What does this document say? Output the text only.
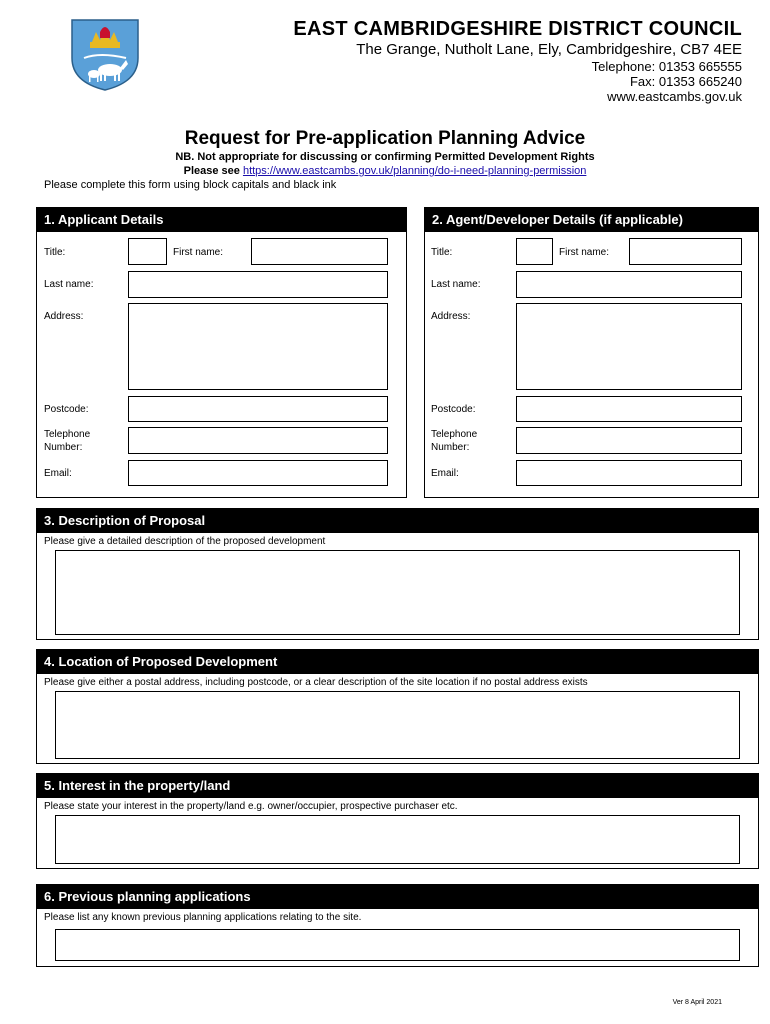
EAST CAMBRIDGESHIRE DISTRICT COUNCIL
The Grange, Nutholt Lane, Ely, Cambridgeshire, CB7 4EE
Telephone: 01353 665555
Fax: 01353 665240
www.eastcambs.gov.uk
Request for Pre-application Planning Advice
NB. Not appropriate for discussing or confirming Permitted Development Rights
Please see https://www.eastcambs.gov.uk/planning/do-i-need-planning-permission
Please complete this form using block capitals and black ink
1. Applicant Details
Title:	First name:
Last name:
Address:
Postcode:
Telephone Number:
Email:
2. Agent/Developer Details (if applicable)
Title:	First name:
Last name:
Address:
Postcode:
Telephone Number:
Email:
3. Description of Proposal
Please give a detailed description of the proposed development
4. Location of Proposed Development
Please give either a postal address, including postcode, or a clear description of the site location if no postal address exists
5. Interest in the property/land
Please state your interest in the property/land e.g. owner/occupier, prospective purchaser etc.
6. Previous planning applications
Please list any known previous planning applications relating to the site.
Ver 8 April 2021
